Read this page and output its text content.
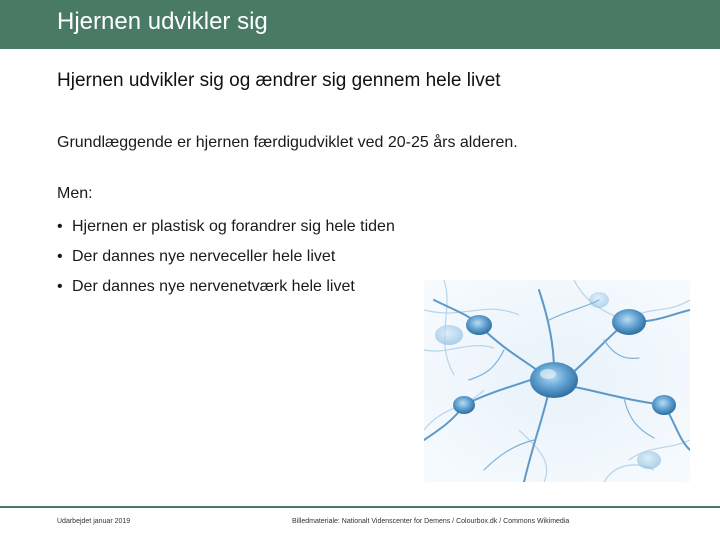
Hjernen udvikler sig
Hjernen udvikler sig og ændrer sig gennem hele livet
Grundlæggende er hjernen færdigudviklet ved 20-25 års alderen.
Men:
• Hjernen er plastisk og forandrer sig hele tiden
• Der dannes nye nerveceller hele livet
• Der dannes nye nervenetværk hele livet
Udarbejdet januar 2019	Billedmateriale: Nationalt Videnscenter for Demens / Colourbox.dk / Commons Wikimedia
